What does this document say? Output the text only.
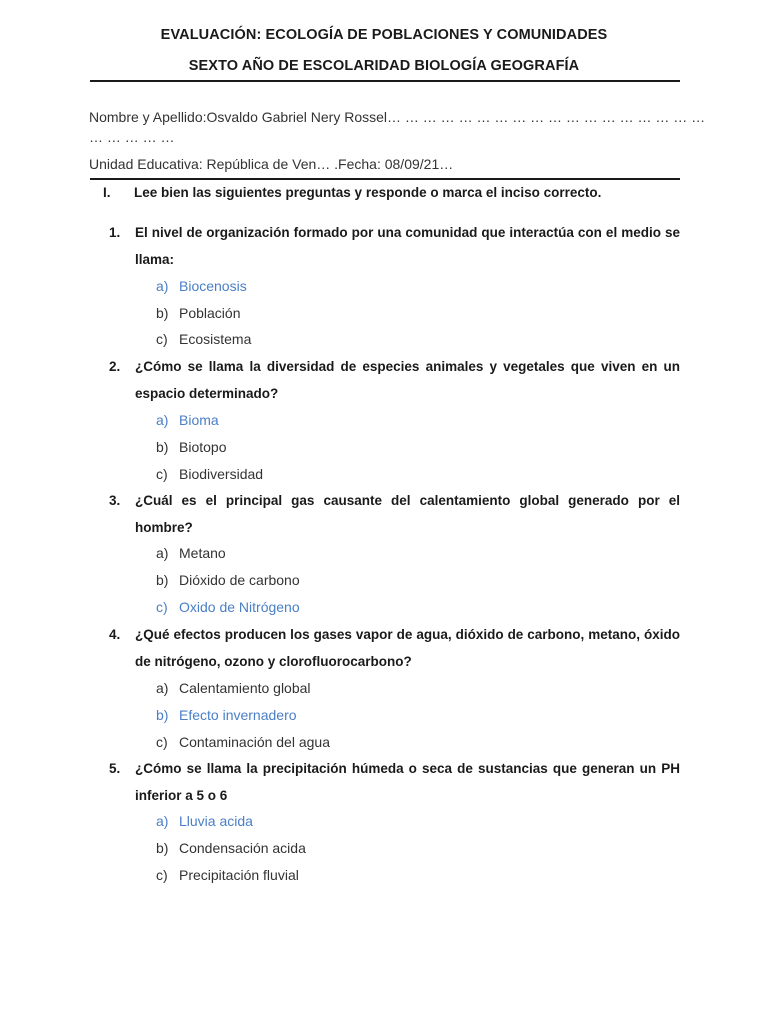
EVALUACIÓN: ECOLOGÍA DE POBLACIONES Y COMUNIDADES
SEXTO AÑO DE ESCOLARIDAD BIOLOGÍA GEOGRAFÍA
Nombre y Apellido:Osvaldo Gabriel Nery Rossel… … … … … … … … … … … … … … … … … …
… … … … …
Unidad Educativa: República de Ven… .Fecha: 08/09/21…
I. Lee bien las siguientes preguntas y responde o marca el inciso correcto.
1. El nivel de organización formado por una comunidad que interactúa con el medio se llama:
a) Biocenosis
b) Población
c) Ecosistema
2. ¿Cómo se llama la diversidad de especies animales y vegetales que viven en un espacio determinado?
a) Bioma
b) Biotopo
c) Biodiversidad
3. ¿Cuál es el principal gas causante del calentamiento global generado por el hombre?
a) Metano
b) Dióxido de carbono
c) Oxido de Nitrógeno
4. ¿Qué efectos producen los gases vapor de agua, dióxido de carbono, metano, óxido de nitrógeno, ozono y clorofluorocarbono?
a) Calentamiento global
b) Efecto invernadero
c) Contaminación del agua
5. ¿Cómo se llama la precipitación húmeda o seca de sustancias que generan un PH inferior a 5 o 6
a) Lluvia acida
b) Condensación acida
c) Precipitación fluvial
